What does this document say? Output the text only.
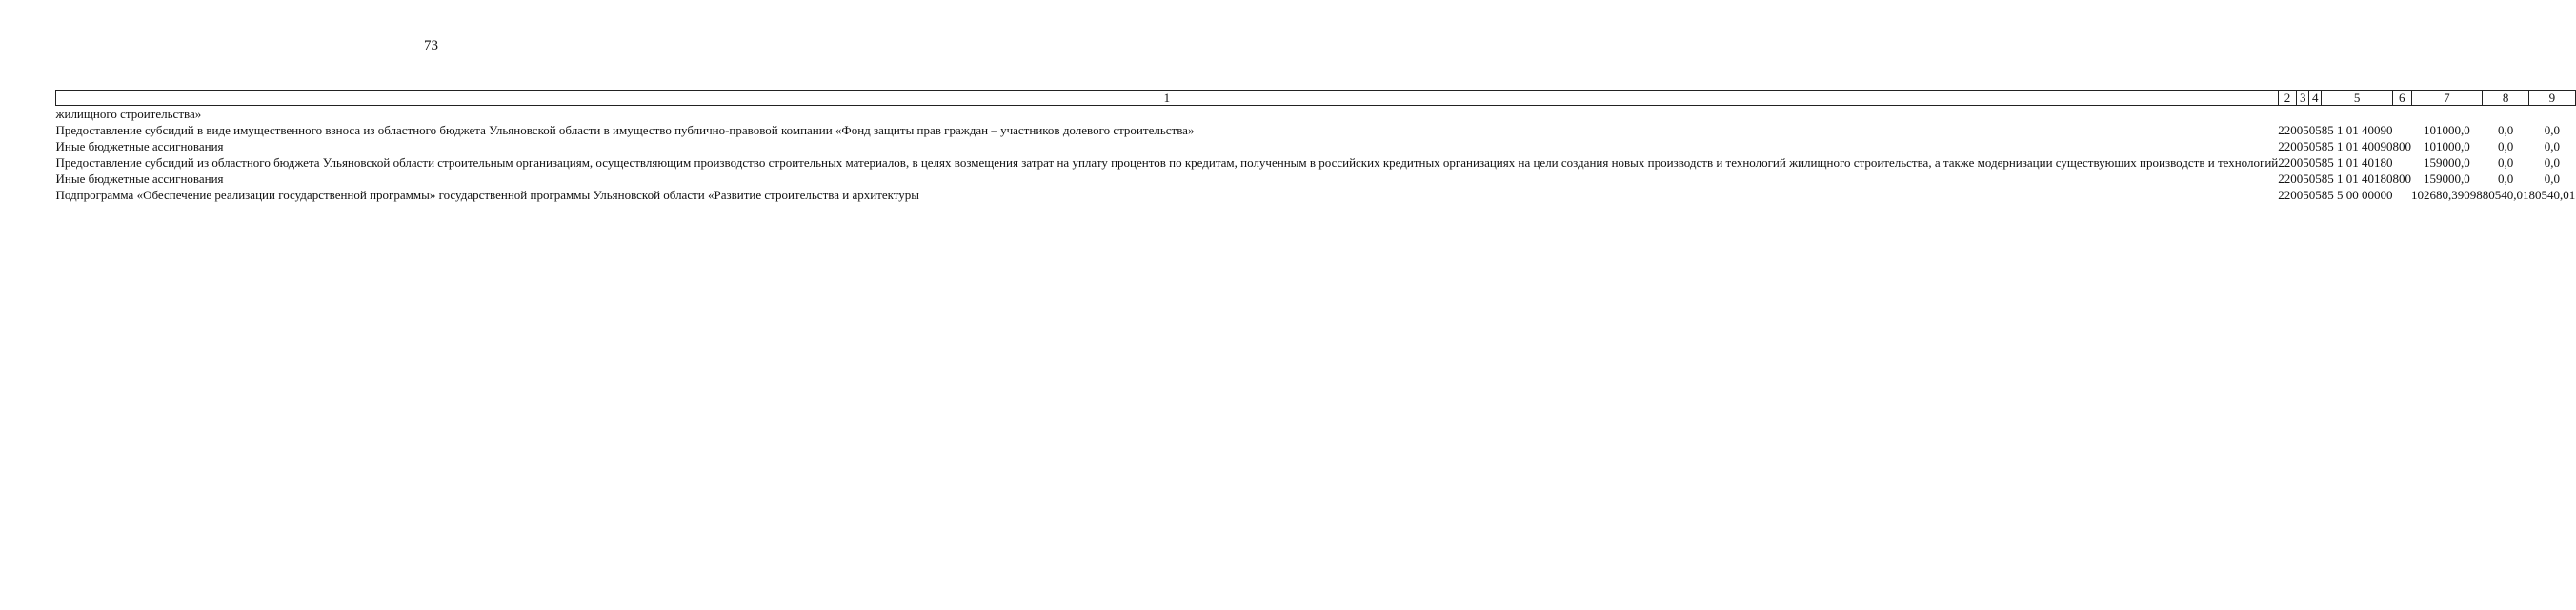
73
1	2	3	4	5	6	7	8	9
жилищного строительства»								
Предоставление субсидий в виде имущественного взноса из областного бюджета Ульяновской области в имущество публично-правовой компании «Фонд защиты прав граждан – участников долевого строительства»	220	05	05	85 1 01 40090		101000,0	0,0	0,0
Иные бюджетные ассигнования	220	05	05	85 1 01 40090	800	101000,0	0,0	0,0
Предоставление субсидий из областного бюджета Ульяновской области строительным организациям, осуществляющим производство строительных материалов, в целях возмещения затрат на уплату процентов по кредитам, полученным в российских кредитных организациях на цели создания новых производств и технологий жилищного строительства, а также модернизации существующих производств и технологий	220	05	05	85 1 01 40180		159000,0	0,0	0,0
Иные бюджетные ассигнования	220	05	05	85 1 01 40180	800	159000,0	0,0	0,0
Подпрограмма «Обеспечение реализации государственной программы» государственной программы Ульяновской области «Развитие строительства и архитектуры	220	05	05	85 5 00 00000		102680,39098	80540,01	80540,01
